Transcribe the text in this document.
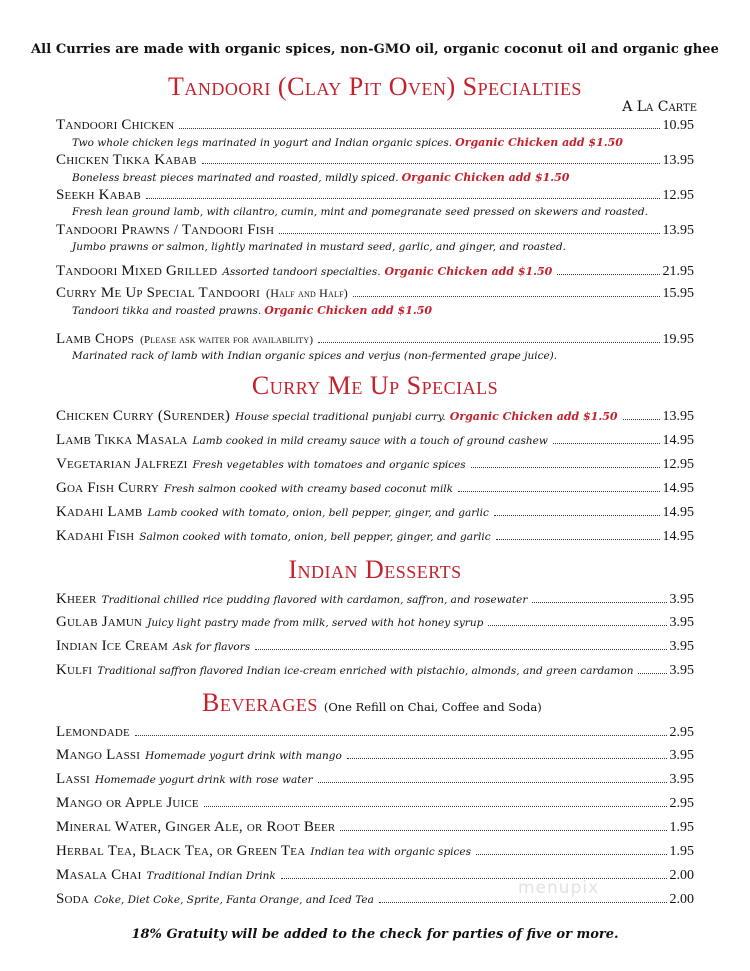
All Curries are made with organic spices, non-GMO oil, organic coconut oil and organic ghee
Tandoori (Clay Pit Oven) Specialties
A La Carte
Tandoori Chicken	10.95
Two whole chicken legs marinated in yogurt and Indian organic spices. Organic Chicken add $1.50
Chicken Tikka Kabab	13.95
Boneless breast pieces marinated and roasted, mildly spiced. Organic Chicken add $1.50
Seekh Kabab	12.95
Fresh lean ground lamb, with cilantro, cumin, mint and pomegranate seed pressed on skewers and roasted.
Tandoori Prawns / Tandoori Fish	13.95
Jumbo prawns or salmon, lightly marinated in mustard seed, garlic, and ginger, and roasted.
Tandoori Mixed Grilled Assorted tandoori specialties. Organic Chicken add $1.50	21.95
Curry Me Up Special Tandoori (Half and Half)	15.95
Tandoori tikka and roasted prawns. Organic Chicken add $1.50
Lamb Chops (Please ask waiter for availability)	19.95
Marinated rack of lamb with Indian organic spices and verjus (non-fermented grape juice).
Curry Me Up Specials
Chicken Curry (Surender) House special traditional punjabi curry. Organic Chicken add $1.50	13.95
Lamb Tikka Masala Lamb cooked in mild creamy sauce with a touch of ground cashew	14.95
Vegetarian Jalfrezi Fresh vegetables with tomatoes and organic spices	12.95
Goa Fish Curry Fresh salmon cooked with creamy based coconut milk	14.95
Kadahi Lamb Lamb cooked with tomato, onion, bell pepper, ginger, and garlic	14.95
Kadahi Fish Salmon cooked with tomato, onion, bell pepper, ginger, and garlic	14.95
Indian Desserts
Kheer Traditional chilled rice pudding flavored with cardamon, saffron, and rosewater	3.95
Gulab Jamun Juicy light pastry made from milk, served with hot honey syrup	3.95
Indian Ice Cream Ask for flavors	3.95
Kulfi Traditional saffron flavored Indian ice-cream enriched with pistachio, almonds, and green cardamon	3.95
Beverages (One Refill on Chai, Coffee and Soda)
Lemondade	2.95
Mango Lassi Homemade yogurt drink with mango	3.95
Lassi Homemade yogurt drink with rose water	3.95
Mango or Apple Juice	2.95
Mineral Water, Ginger Ale, or Root Beer	1.95
Herbal Tea, Black Tea, or Green Tea Indian tea with organic spices	1.95
Masala Chai Traditional Indian Drink	2.00
Soda Coke, Diet Coke, Sprite, Fanta Orange, and Iced Tea	2.00
menupix
18% Gratuity will be added to the check for parties of five or more.
